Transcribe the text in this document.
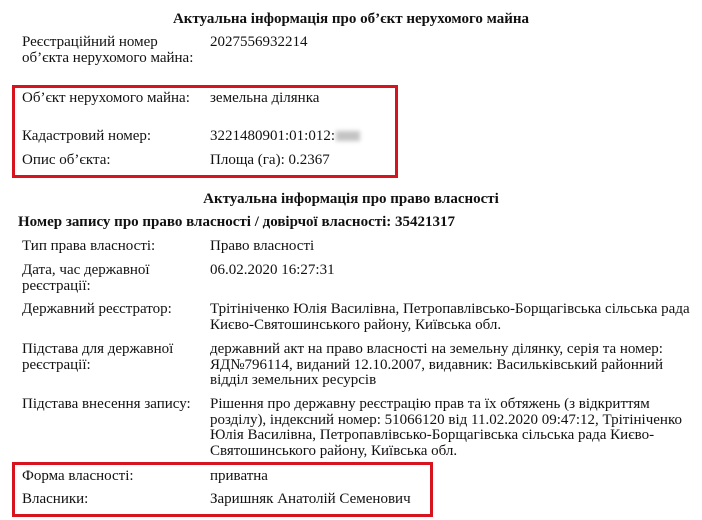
Актуальна інформація про об’єкт нерухомого майна
Реєстраційний номер об’єкта нерухомого майна:
2027556932214
Об’єкт нерухомого майна:	земельна ділянка
Кадастровий номер:	3221480901:01:012:
Опис об’єкта:	Площа (га): 0.2367
Актуальна інформація про право власності
Номер запису про право власності / довірчої власності: 35421317
Тип права власності:	Право власності
Дата, час державної реєстрації:
06.02.2020 16:27:31
Державний реєстратор:	Трітініченко Юлія Василівна, Петропавлівсько-Борщагівська сільська рада Києво-Святошинського району, Київська обл.
Підстава для державної реєстрації:
державний акт на право власності на земельну ділянку, серія та номер: ЯД№796114, виданий 12.10.2007, видавник: Васильківський районний відділ земельних ресурсів
Підстава внесення запису:	Рішення про державну реєстрацію прав та їх обтяжень (з відкриттям розділу), індексний номер: 51066120 від 11.02.2020 09:47:12, Трітініченко Юлія Василівна, Петропавлівсько-Борщагівська сільська рада Києво-Святошинського району, Київська обл.
Форма власності:	приватна
Власники:	Заришняк Анатолій Семенович
